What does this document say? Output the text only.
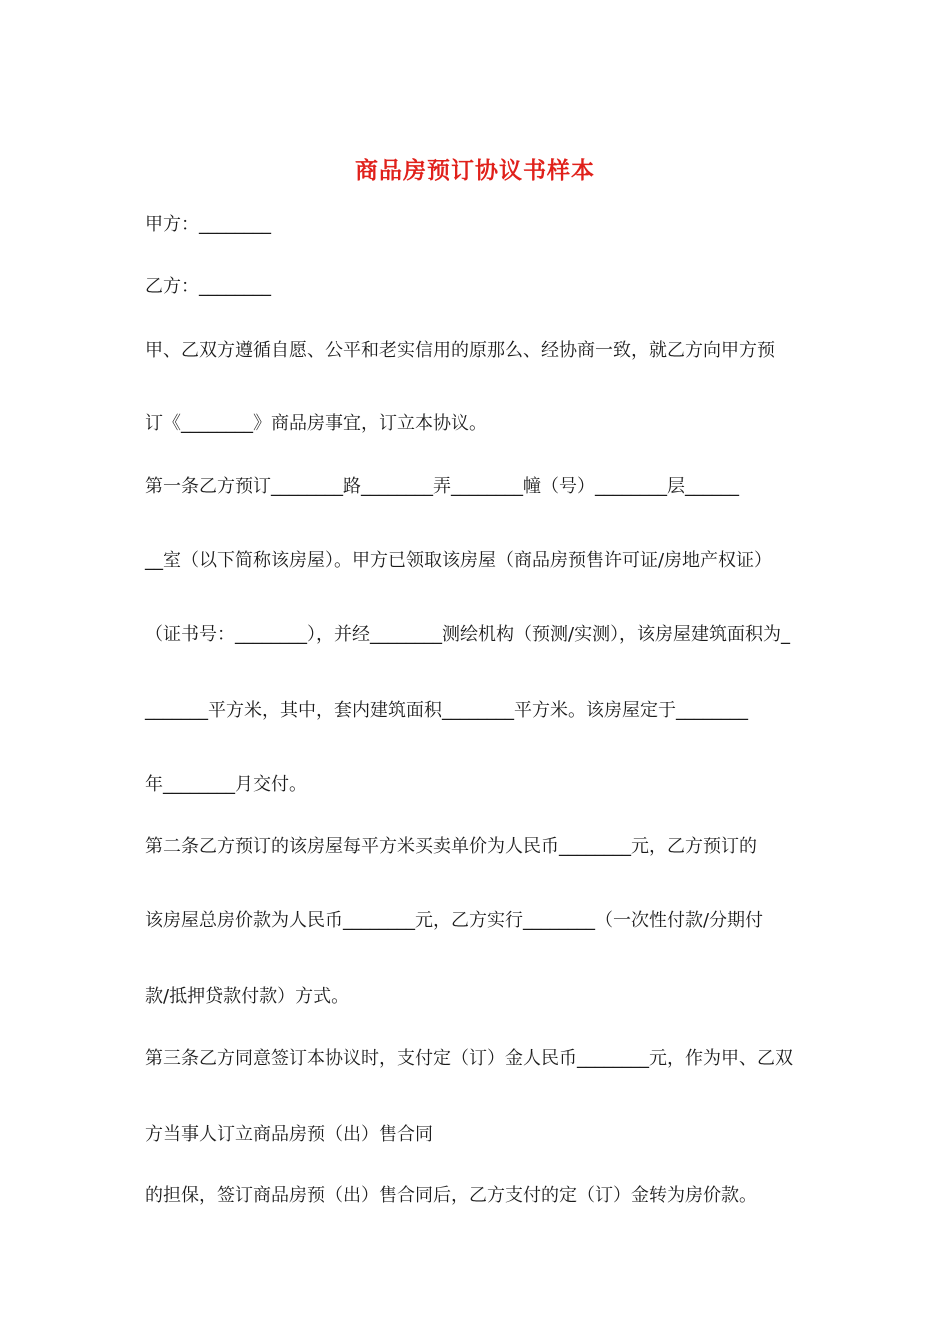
商品房预订协议书样本
甲方：________
乙方：________
甲、乙双方遵循自愿、公平和老实信用的原那么、经协商一致，就乙方向甲方预
订《________》商品房事宜，订立本协议。
第一条乙方预订________路________弄________幢（号）________层______
__室（以下简称该房屋）。甲方已领取该房屋（商品房预售许可证/房地产权证）
（证书号：________），并经________测绘机构（预测/实测），该房屋建筑面积为_
_______平方米，其中，套内建筑面积________平方米。该房屋定于________
年________月交付。
第二条乙方预订的该房屋每平方米买卖单价为人民币________元，乙方预订的
该房屋总房价款为人民币________元，乙方实行________（一次性付款/分期付
款/抵押贷款付款）方式。
第三条乙方同意签订本协议时，支付定（订）金人民币________元，作为甲、乙双
方当事人订立商品房预（出）售合同
的担保，签订商品房预（出）售合同后，乙方支付的定（订）金转为房价款。
